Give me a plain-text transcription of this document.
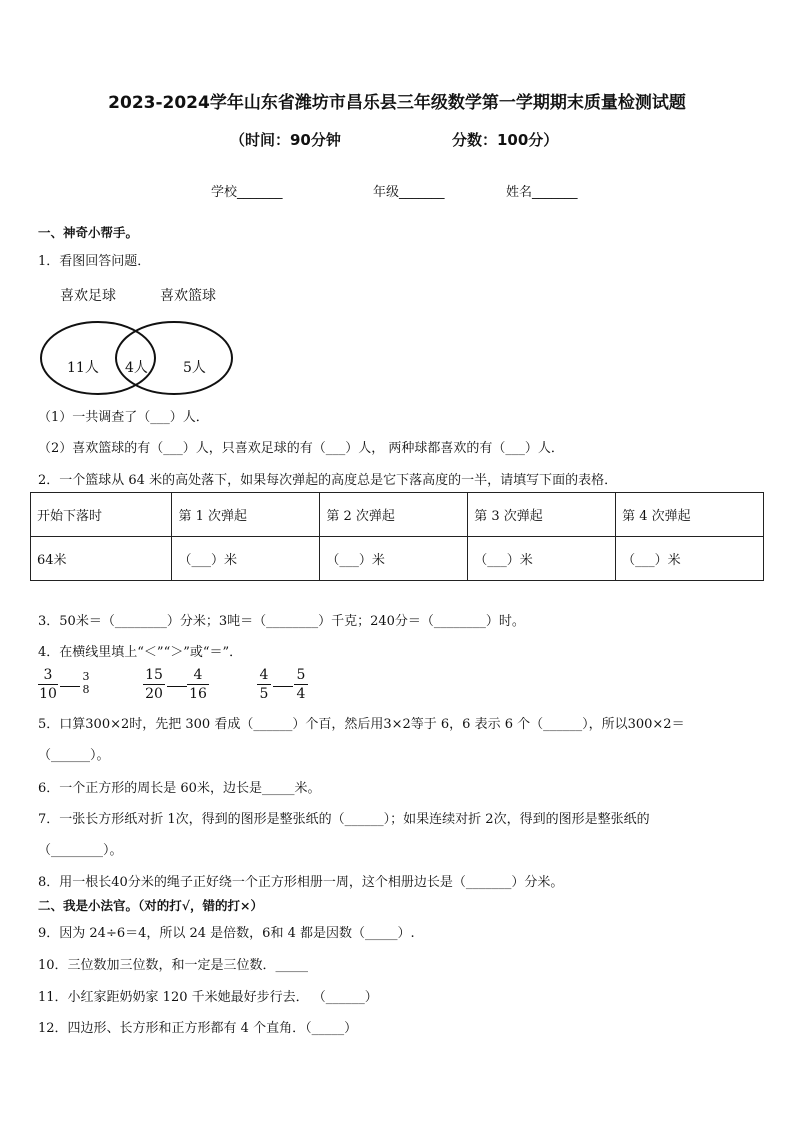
2023-2024学年山东省潍坊市昌乐县三年级数学第一学期期末质量检测试题
（时间：90分钟	分数：100分）
学校_______	年级_______	姓名_______
一、神奇小帮手。
1．看图回答问题．
喜欢足球	喜欢篮球
11人 4人	5人
（1）一共调查了（___）人．
（2）喜欢篮球的有（___）人，只喜欢足球的有（___）人， 两种球都喜欢的有（___）人．
2．一个篮球从 64 米的高处落下，如果每次弹起的高度总是它下落高度的一半，请填写下面的表格．
开始下落时	第 1 次弹起	第 2 次弹起	第 3 次弹起	第 4 次弹起
64米	（___）米	（___）米	（___）米	（___）米
3．50米＝（________）分米；3吨＝（________）千克；240分＝（________）时。
4．在横线里填上“＜”“＞”或“＝”．
$\frac{3}{10} 3$
8	$\frac{15}{20} \frac{4}{16}$	$\frac{4}{5} \frac{5}{4}$
5．口算300×2时，先把 300 看成（______）个百，然后用3×2等于 6，6 表示 6 个（______），所以300×2＝
（______）。
6．一个正方形的周长是 60米，边长是_____米。
7．一张长方形纸对折 1次，得到的图形是整张纸的（______）；如果连续对折 2次，得到的图形是整张纸的
（________）。
8．用一根长40分米的绳子正好绕一个正方形相册一周，这个相册边长是（_______）分米。
二、我是小法官。（对的打√，错的打×）
9．因为 24÷6＝4，所以 24 是倍数，6和 4 都是因数（_____）.
10．三位数加三位数，和一定是三位数．_____
11．小红家距奶奶家 120 千米她最好步行去． （______）
12．四边形、长方形和正方形都有 4 个直角．（_____）
